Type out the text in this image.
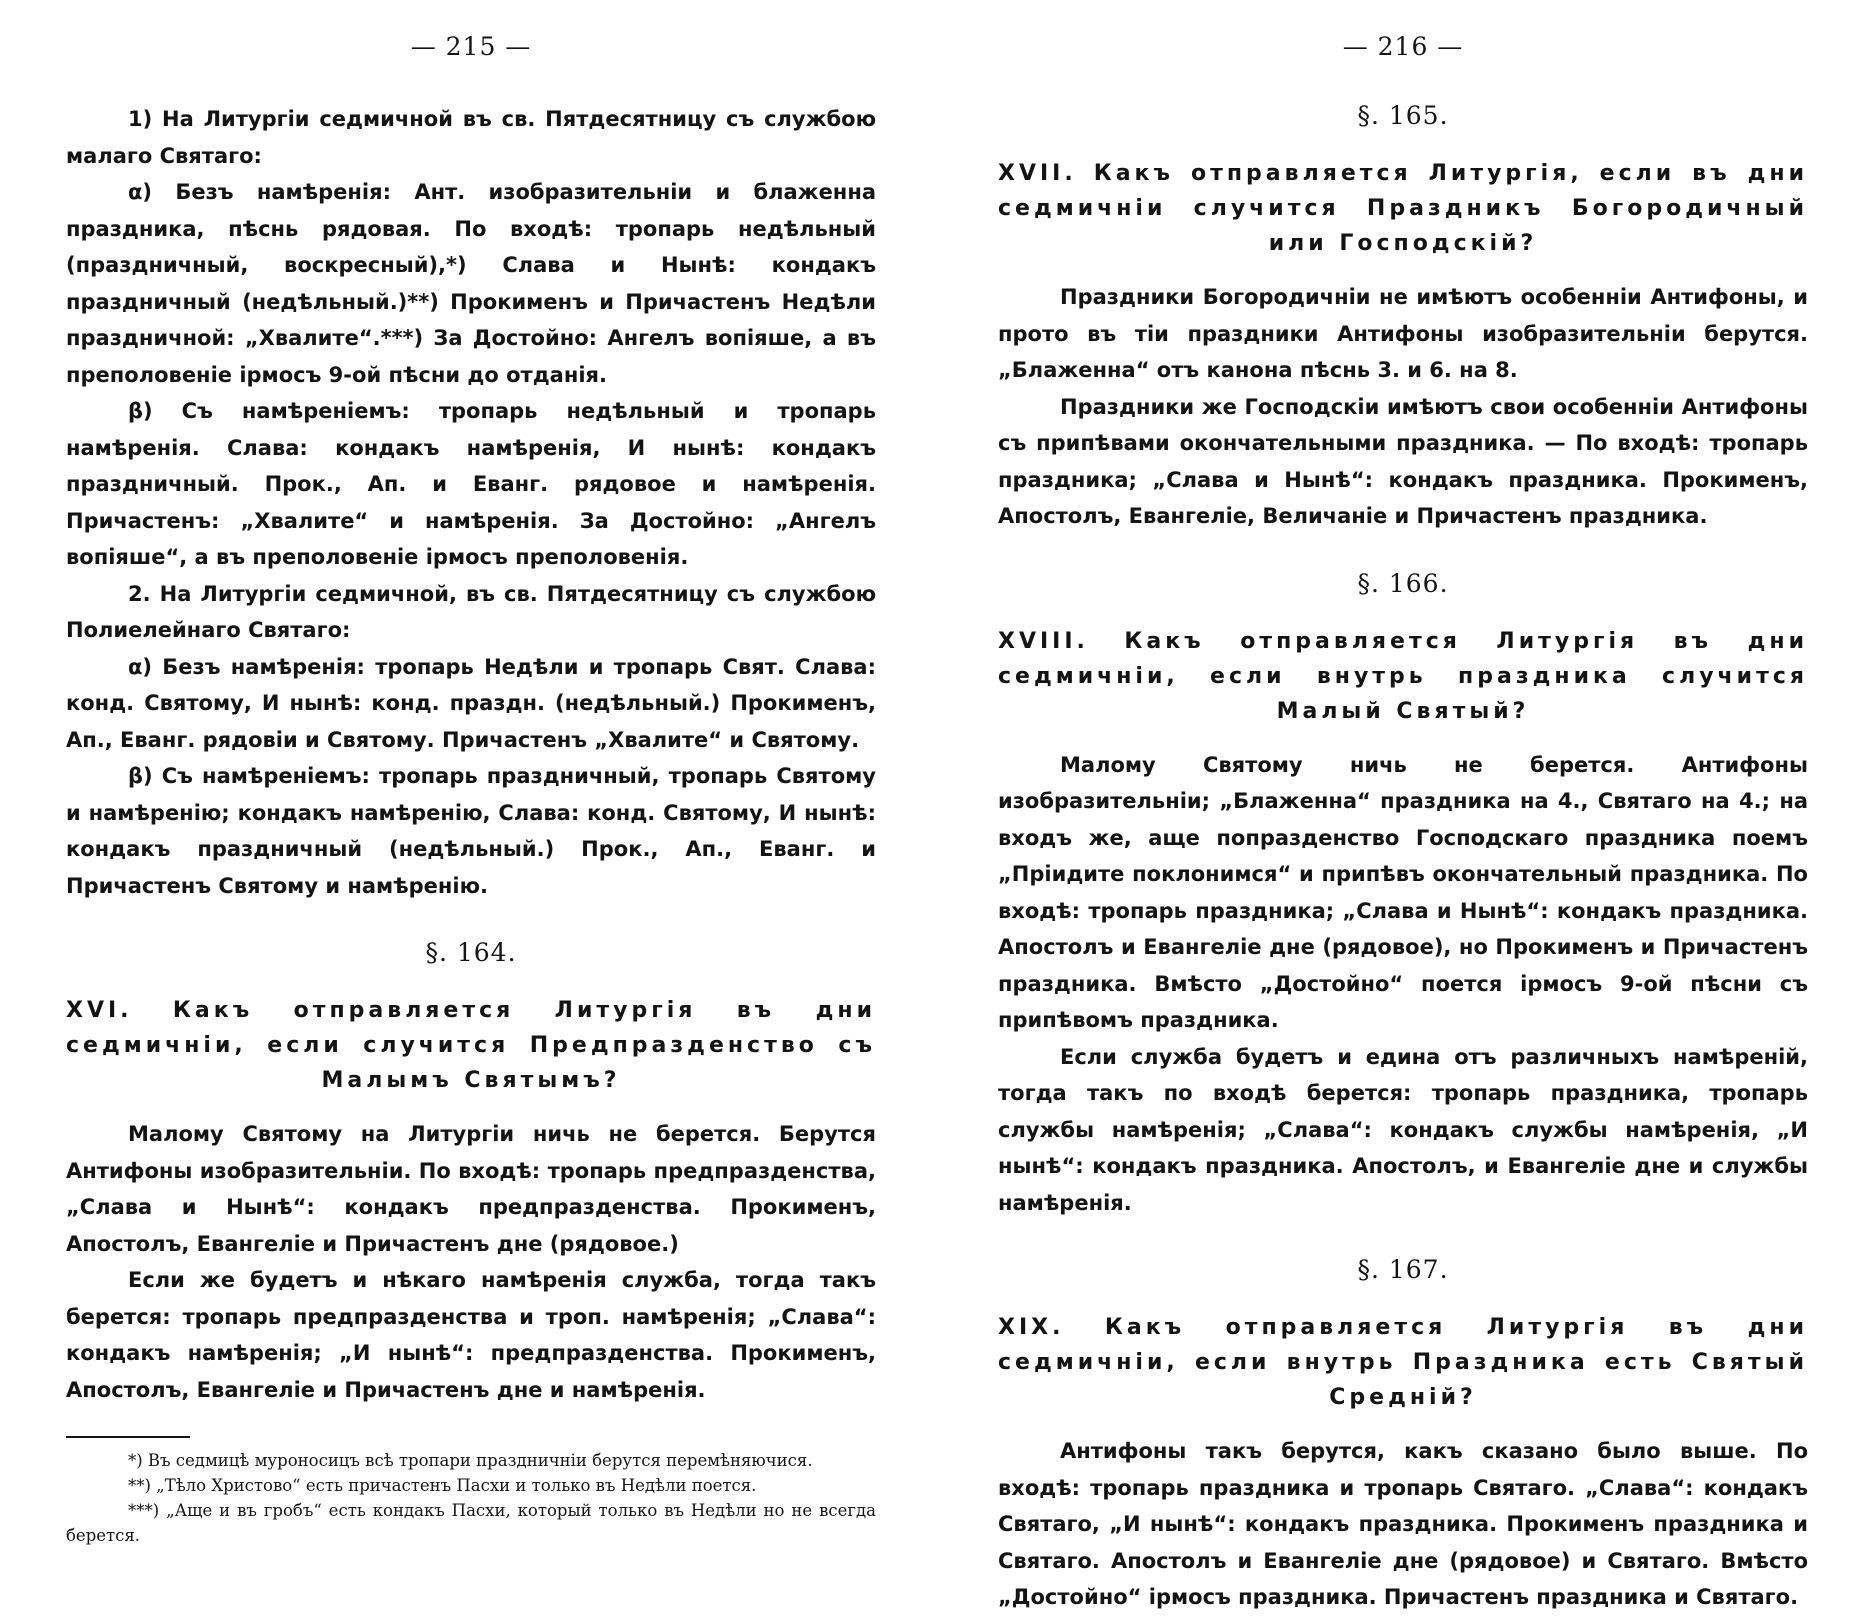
— 215 —

1) На Литургіи седмичной въ св. Пятдесятницу съ службою малаго Святаго:

α) Безъ намѣренія: Ант. изобразительніи и блаженна праздника, пѣснь рядовая. По входѣ: тропарь недѣльный (праздничный, воскресный),*) Слава и Нынѣ: кондакъ праздничный (недѣльный.)**) Прокименъ и Причастенъ Недѣли праздничной: „Хвалите“.***) За Достойно: Ангелъ вопіяше, а въ преполовеніе ірмосъ 9-ой пѣсни до отданія.

β) Съ намѣреніемъ: тропарь недѣльный и тропарь намѣренія. Слава: кондакъ намѣренія, И нынѣ: кондакъ праздничный. Прок., Ап. и Еванг. рядовое и намѣренія. Причастенъ: „Хвалите“ и намѣренія. За Достойно: „Ангелъ вопіяше“, а въ преполовеніе ірмосъ преполовенія.

2. На Литургіи седмичной, въ св. Пятдесятницу съ службою Полиелейнаго Святаго:

α) Безъ намѣренія: тропарь Недѣли и тропарь Свят. Слава: конд. Святому, И нынѣ: конд. праздн. (недѣльный.) Прокименъ, Ап., Еванг. рядовіи и Святому. Причастенъ „Хвалите“ и Святому.

β) Съ намѣреніемъ: тропарь праздничный, тропарь Святому и намѣренію; кондакъ намѣренію, Слава: конд. Святому, И нынѣ: кондакъ праздничный (недѣльный.) Прок., Ап., Еванг. и Причастенъ Святому и намѣренію.

§. 164.
XVI. Какъ отправляется Литургія въ дни седмичніи, если случится Предпразденство съ Малымъ Святымъ?

Малому Святому на Литургіи ничь не берется. Берутся Антифоны изобразительніи. По входѣ: тропарь предпразденства, „Слава и Нынѣ“: кондакъ предпразденства. Прокименъ, Апостолъ, Евангеліе и Причастенъ дне (рядовое.)

Если же будетъ и нѣкаго намѣренія служба, тогда такъ берется: тропарь предпразденства и троп. намѣренія; „Слава“: кондакъ намѣренія; „И нынѣ“: предпразденства. Прокименъ, Апостолъ, Евангеліе и Причастенъ дне и намѣренія.

*) Въ седмицѣ муроносицъ всѣ тропари праздничніи берутся перемѣняючися.

**) „Тѣло Христово“ есть причастенъ Пасхи и только въ Недѣли поется.

***) „Аще и въ гробъ“ есть кондакъ Пасхи, который только въ Недѣли но не всегда берется.

— 216 —
§. 165.
XVII. Какъ отправляется Литургія, если въ дни седмичніи случится Праздникъ Богородичный или Господскій?

Праздники Богородичніи не имѣютъ особенніи Антифоны, и прото въ тіи праздники Антифоны изобразительніи берутся. „Блаженна“ отъ канона пѣснь 3. и 6. на 8.

Праздники же Господскіи имѣютъ свои особенніи Антифоны съ припѣвами окончательными праздника. — По входѣ: тропарь праздника; „Слава и Нынѣ“: кондакъ праздника. Прокименъ, Апостолъ, Евангеліе, Величаніе и Причастенъ праздника.

§. 166.
XVIII. Какъ отправляется Литургія въ дни седмичніи, если внутрь праздника случится Малый Святый?

Малому Святому ничь не берется. Антифоны изобразительніи; „Блаженна“ праздника на 4., Святаго на 4.; на входъ же, аще попразденство Господскаго праздника поемъ „Пріидите поклонимся“ и припѣвъ окончательный праздника. По входѣ: тропарь праздника; „Слава и Нынѣ“: кондакъ праздника. Апостолъ и Евангеліе дне (рядовое), но Прокименъ и Причастенъ праздника. Вмѣсто „Достойно“ поется ірмосъ 9-ой пѣсни съ припѣвомъ праздника.

Если служба будетъ и едина отъ различныхъ намѣреній, тогда такъ по входѣ берется: тропарь праздника, тропарь службы намѣренія; „Слава“: кондакъ службы намѣренія, „И нынѣ“: кондакъ праздника. Апостолъ, и Евангеліе дне и службы намѣренія.

§. 167.
XIX. Какъ отправляется Литургія въ дни седмичніи, если внутрь Праздника есть Святый Средній?

Антифоны такъ берутся, какъ сказано было выше. По входѣ: тропарь праздника и тропарь Святаго. „Слава“: кондакъ Святаго, „И нынѣ“: кондакъ праздника. Прокименъ праздника и Святаго. Апостолъ и Евангеліе дне (рядовое) и Святаго. Вмѣсто „Достойно“ ірмосъ праздника. Причастенъ праздника и Святаго.
